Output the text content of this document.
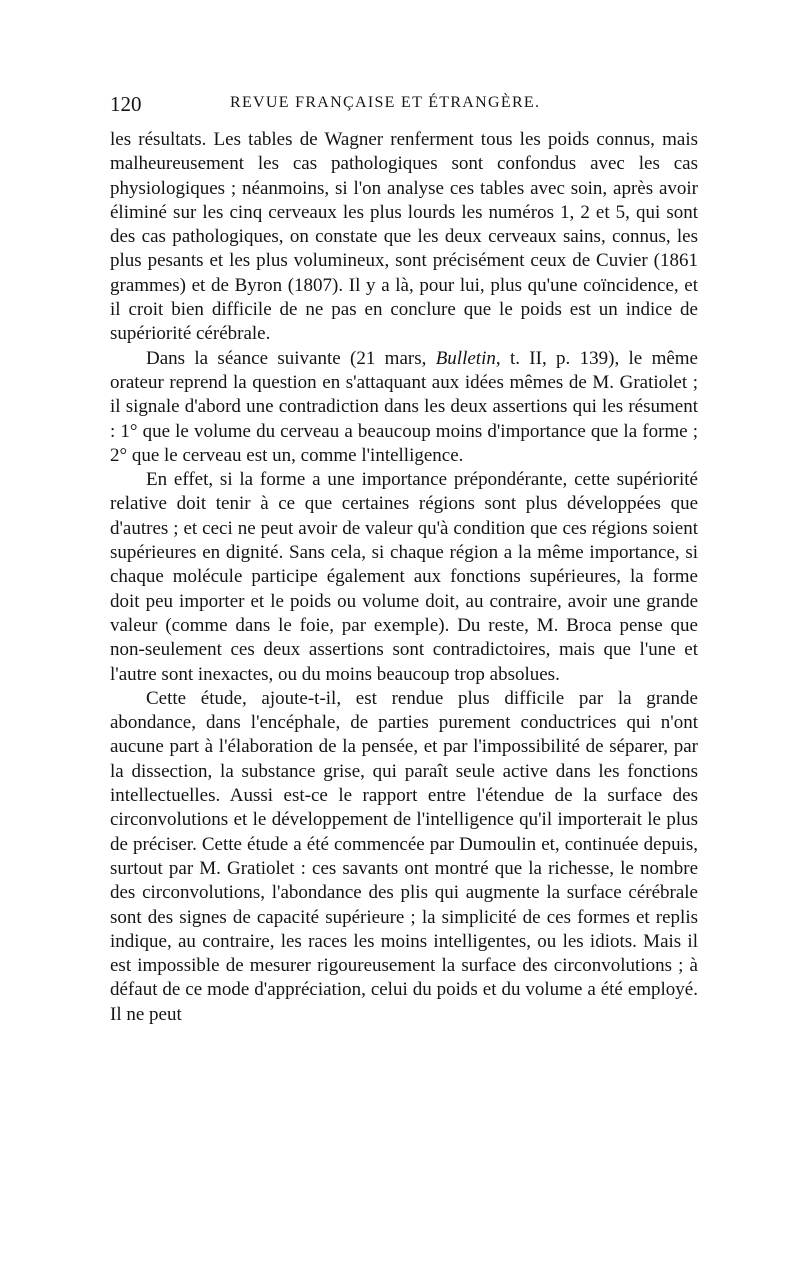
120	REVUE FRANÇAISE ET ÉTRANGÈRE.

les résultats. Les tables de Wagner renferment tous les poids connus, mais malheureusement les cas pathologiques sont confondus avec les cas physiologiques ; néanmoins, si l'on analyse ces tables avec soin, après avoir éliminé sur les cinq cerveaux les plus lourds les numéros 1, 2 et 5, qui sont des cas pathologiques, on constate que les deux cerveaux sains, connus, les plus pesants et les plus volumineux, sont précisément ceux de Cuvier (1861 grammes) et de Byron (1807). Il y a là, pour lui, plus qu'une coïncidence, et il croit bien difficile de ne pas en conclure que le poids est un indice de supériorité cérébrale.

Dans la séance suivante (21 mars, Bulletin, t. II, p. 139), le même orateur reprend la question en s'attaquant aux idées mêmes de M. Gratiolet ; il signale d'abord une contradiction dans les deux assertions qui les résument : 1° que le volume du cerveau a beaucoup moins d'importance que la forme ; 2° que le cerveau est un, comme l'intelligence.

En effet, si la forme a une importance prépondérante, cette supériorité relative doit tenir à ce que certaines régions sont plus développées que d'autres ; et ceci ne peut avoir de valeur qu'à condition que ces régions soient supérieures en dignité. Sans cela, si chaque région a la même importance, si chaque molécule participe également aux fonctions supérieures, la forme doit peu importer et le poids ou volume doit, au contraire, avoir une grande valeur (comme dans le foie, par exemple). Du reste, M. Broca pense que non-seulement ces deux assertions sont contradictoires, mais que l'une et l'autre sont inexactes, ou du moins beaucoup trop absolues.

Cette étude, ajoute-t-il, est rendue plus difficile par la grande abondance, dans l'encéphale, de parties purement conductrices qui n'ont aucune part à l'élaboration de la pensée, et par l'impossibilité de séparer, par la dissection, la substance grise, qui paraît seule active dans les fonctions intellectuelles. Aussi est-ce le rapport entre l'étendue de la surface des circonvolutions et le développement de l'intelligence qu'il importerait le plus de préciser. Cette étude a été commencée par Dumoulin et, continuée depuis, surtout par M. Gratiolet : ces savants ont montré que la richesse, le nombre des circonvolutions, l'abondance des plis qui augmente la surface cérébrale sont des signes de capacité supérieure ; la simplicité de ces formes et replis indique, au contraire, les races les moins intelligentes, ou les idiots. Mais il est impossible de mesurer rigoureusement la surface des circonvolutions ; à défaut de ce mode d'appréciation, celui du poids et du volume a été employé. Il ne peut
